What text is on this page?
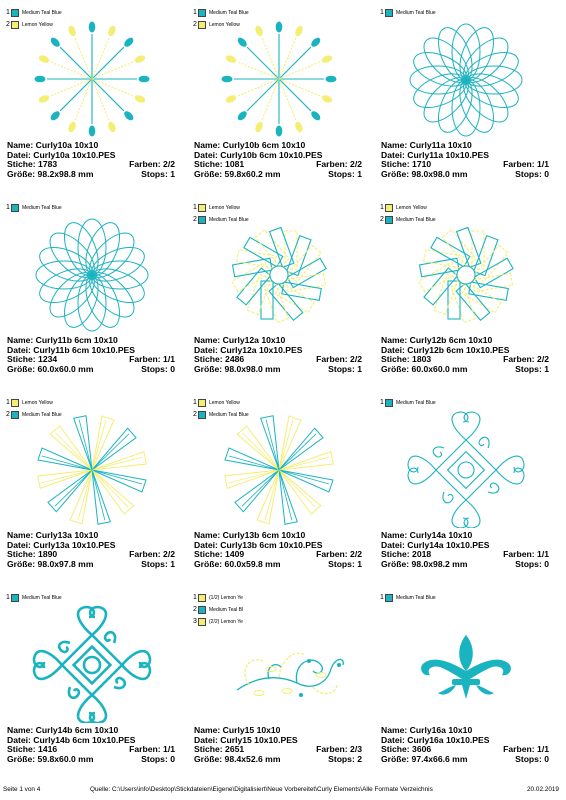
1 Medium Teal Blue
2 Lemon Yellow
Name: Curly10a 10x10
Datei: Curly10a 10x10.PES
Stiche: 1783	Farben: 2/2
Größe: 98.2x98.8 mm	Stops: 1
1 Medium Teal Blue
2 Lemon Yellow
Name: Curly10b 6cm 10x10
Datei: Curly10b 6cm 10x10.PES
Stiche: 1081	Farben: 2/2
Größe: 59.8x60.2 mm	Stops: 1
1 Medium Teal Blue
Name: Curly11a 10x10
Datei: Curly11a 10x10.PES
Stiche: 1710	Farben: 1/1
Größe: 98.0x98.0 mm	Stops: 0
1 Medium Teal Blue
Name: Curly11b 6cm 10x10
Datei: Curly11b 6cm 10x10.PES
Stiche: 1234	Farben: 1/1
Größe: 60.0x60.0 mm	Stops: 0
1 Lemon Yellow
2 Medium Teal Blue
Name: Curly12a 10x10
Datei: Curly12a 10x10.PES
Stiche: 2486	Farben: 2/2
Größe: 98.0x98.0 mm	Stops: 1
1 Lemon Yellow
2 Medium Teal Blue
Name: Curly12b 6cm 10x10
Datei: Curly12b 6cm 10x10.PES
Stiche: 1803	Farben: 2/2
Größe: 60.0x60.0 mm	Stops: 1
1 Lemon Yellow
2 Medium Teal Blue
Name: Curly13a 10x10
Datei: Curly13a 10x10.PES
Stiche: 1890	Farben: 2/2
Größe: 98.0x97.8 mm	Stops: 1
1 Lemon Yellow
2 Medium Teal Blue
Name: Curly13b 6cm 10x10
Datei: Curly13b 6cm 10x10.PES
Stiche: 1409	Farben: 2/2
Größe: 60.0x59.8 mm	Stops: 1
1 Medium Teal Blue
Name: Curly14a 10x10
Datei: Curly14a 10x10.PES
Stiche: 2018	Farben: 1/1
Größe: 98.0x98.2 mm	Stops: 0
1 Medium Teal Blue
Name: Curly14b 6cm 10x10
Datei: Curly14b 6cm 10x10.PES
Stiche: 1416	Farben: 1/1
Größe: 59.8x60.0 mm	Stops: 0
1 (1/2) Lemon Ye
2 Medium Teal Bl
3 (2/2) Lemon Ye
Name: Curly15 10x10
Datei: Curly15 10x10.PES
Stiche: 2651	Farben: 2/3
Größe: 98.4x52.6 mm	Stops: 2
1 Medium Teal Blue
Name: Curly16a 10x10
Datei: Curly16a 10x10.PES
Stiche: 3606	Farben: 1/1
Größe: 97.4x66.6 mm	Stops: 0
Seite 1 von 4	Quelle: C:\Users\info\Desktop\Stickdateien\Eigene\Digitalisiert\Neue Vorbereitet\Curly Elements\Alle Formate Verzeichnis	20.02.2019
